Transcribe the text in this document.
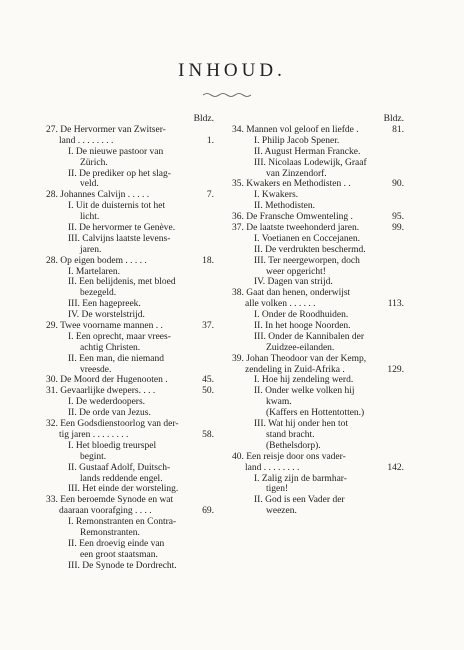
INHOUD.
Bldz.
27. De Hervormer van Zwitser-
land . . . . . . . .	1.
I. De nieuwe pastoor van
Zürich.
II. De prediker op het slag-
veld.
28. Johannes Calvijn . . . . .	7.
I. Uit de duisternis tot het
licht.
II. De hervormer te Genève.
III. Calvijns laatste levens-
jaren.
28. Op eigen bodem . . . . .	18.
I. Martelaren.
II. Een belijdenis, met bloed
bezegeld.
III. Een hagepreek.
IV. De worstelstrijd.
29. Twee voorname mannen . .	37.
I. Een oprecht, maar vrees-
achtig Christen.
II. Een man, die niemand
vreesde.
30. De Moord der Hugenooten .	45.
31. Gevaarlijke dwepers. . . .	50.
I. De wederdoopers.
II. De orde van Jezus.
32. Een Godsdienstoorlog van der-
tig jaren . . . . . . . .	58.
I. Het bloedig treurspel
begint.
II. Gustaaf Adolf, Duitsch-
lands reddende engel.
III. Het einde der worsteling.
33. Een beroemde Synode en wat
daaraan voorafging . . . .	69.
I. Remonstranten en Contra-
Remonstranten.
II. Een droevig einde van
een groot staatsman.
III. De Synode te Dordrecht.
Bldz.
34. Mannen vol geloof en liefde .	81.
I. Philip Jacob Spener.
II. August Herman Francke.
III. Nicolaas Lodewijk, Graaf
van Zinzendorf.
35. Kwakers en Methodisten . .	90.
I. Kwakers.
II. Methodisten.
36. De Fransche Omwenteling .	95.
37. De laatste tweehonderd jaren.	99.
I. Voetianen en Coccejanen.
II. De verdrukten beschermd.
III. Ter neergeworpen, doch
weer opgericht!
IV. Dagen van strijd.
38. Gaat dan henen, onderwijst
alle volken . . . . . .	113.
I. Onder de Roodhuiden.
II. In het hooge Noorden.
III. Onder de Kannibalen der
Zuidzee-eilanden.
39. Johan Theodoor van der Kemp,
zendeling in Zuid-Afrika .	129.
I. Hoe hij zendeling werd.
II. Onder welke volken hij
kwam.
(Kaffers en Hottentotten.)
III. Wat hij onder hen tot
stand bracht.
(Bethelsdorp).
40. Een reisje door ons vader-
land . . . . . . . .	142.
I. Zalig zijn de barmhar-
tigen!
II. God is een Vader der
weezen.
